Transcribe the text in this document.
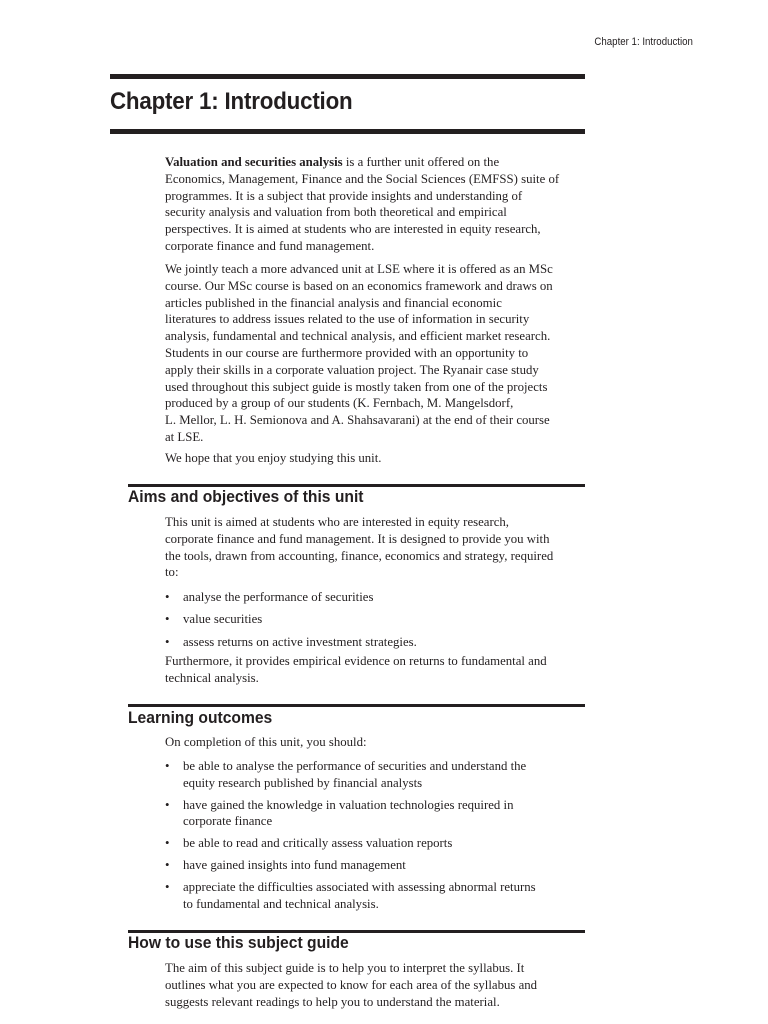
Chapter 1: Introduction
Chapter 1: Introduction

Valuation and securities analysis is a further unit offered on the
Economics, Management, Finance and the Social Sciences (EMFSS) suite of
programmes. It is a subject that provide insights and understanding of
security analysis and valuation from both theoretical and empirical
perspectives. It is aimed at students who are interested in equity research,
corporate finance and fund management.

We jointly teach a more advanced unit at LSE where it is offered as an MSc
course. Our MSc course is based on an economics framework and draws on
articles published in the financial analysis and financial economic
literatures to address issues related to the use of information in security
analysis, fundamental and technical analysis, and efficient market research.
Students in our course are furthermore provided with an opportunity to
apply their skills in a corporate valuation project. The Ryanair case study
used throughout this subject guide is mostly taken from one of the projects
produced by a group of our students (K. Fernbach, M. Mangelsdorf,
L. Mellor, L. H. Semionova and A. Shahsavarani) at the end of their course
at LSE.

We hope that you enjoy studying this unit.

Aims and objectives of this unit

This unit is aimed at students who are interested in equity research,
corporate finance and fund management. It is designed to provide you with
the tools, drawn from accounting, finance, economics and strategy, required
to:

• analyse the performance of securities
• value securities
• assess returns on active investment strategies.

Furthermore, it provides empirical evidence on returns to fundamental and
technical analysis.

Learning outcomes

On completion of this unit, you should:

• be able to analyse the performance of securities and understand the
equity research published by financial analysts
• have gained the knowledge in valuation technologies required in
corporate finance
• be able to read and critically assess valuation reports
• have gained insights into fund management
• appreciate the difficulties associated with assessing abnormal returns
to fundamental and technical analysis.
How to use this subject guide

The aim of this subject guide is to help you to interpret the syllabus. It
outlines what you are expected to know for each area of the syllabus and
suggests relevant readings to help you to understand the material.
